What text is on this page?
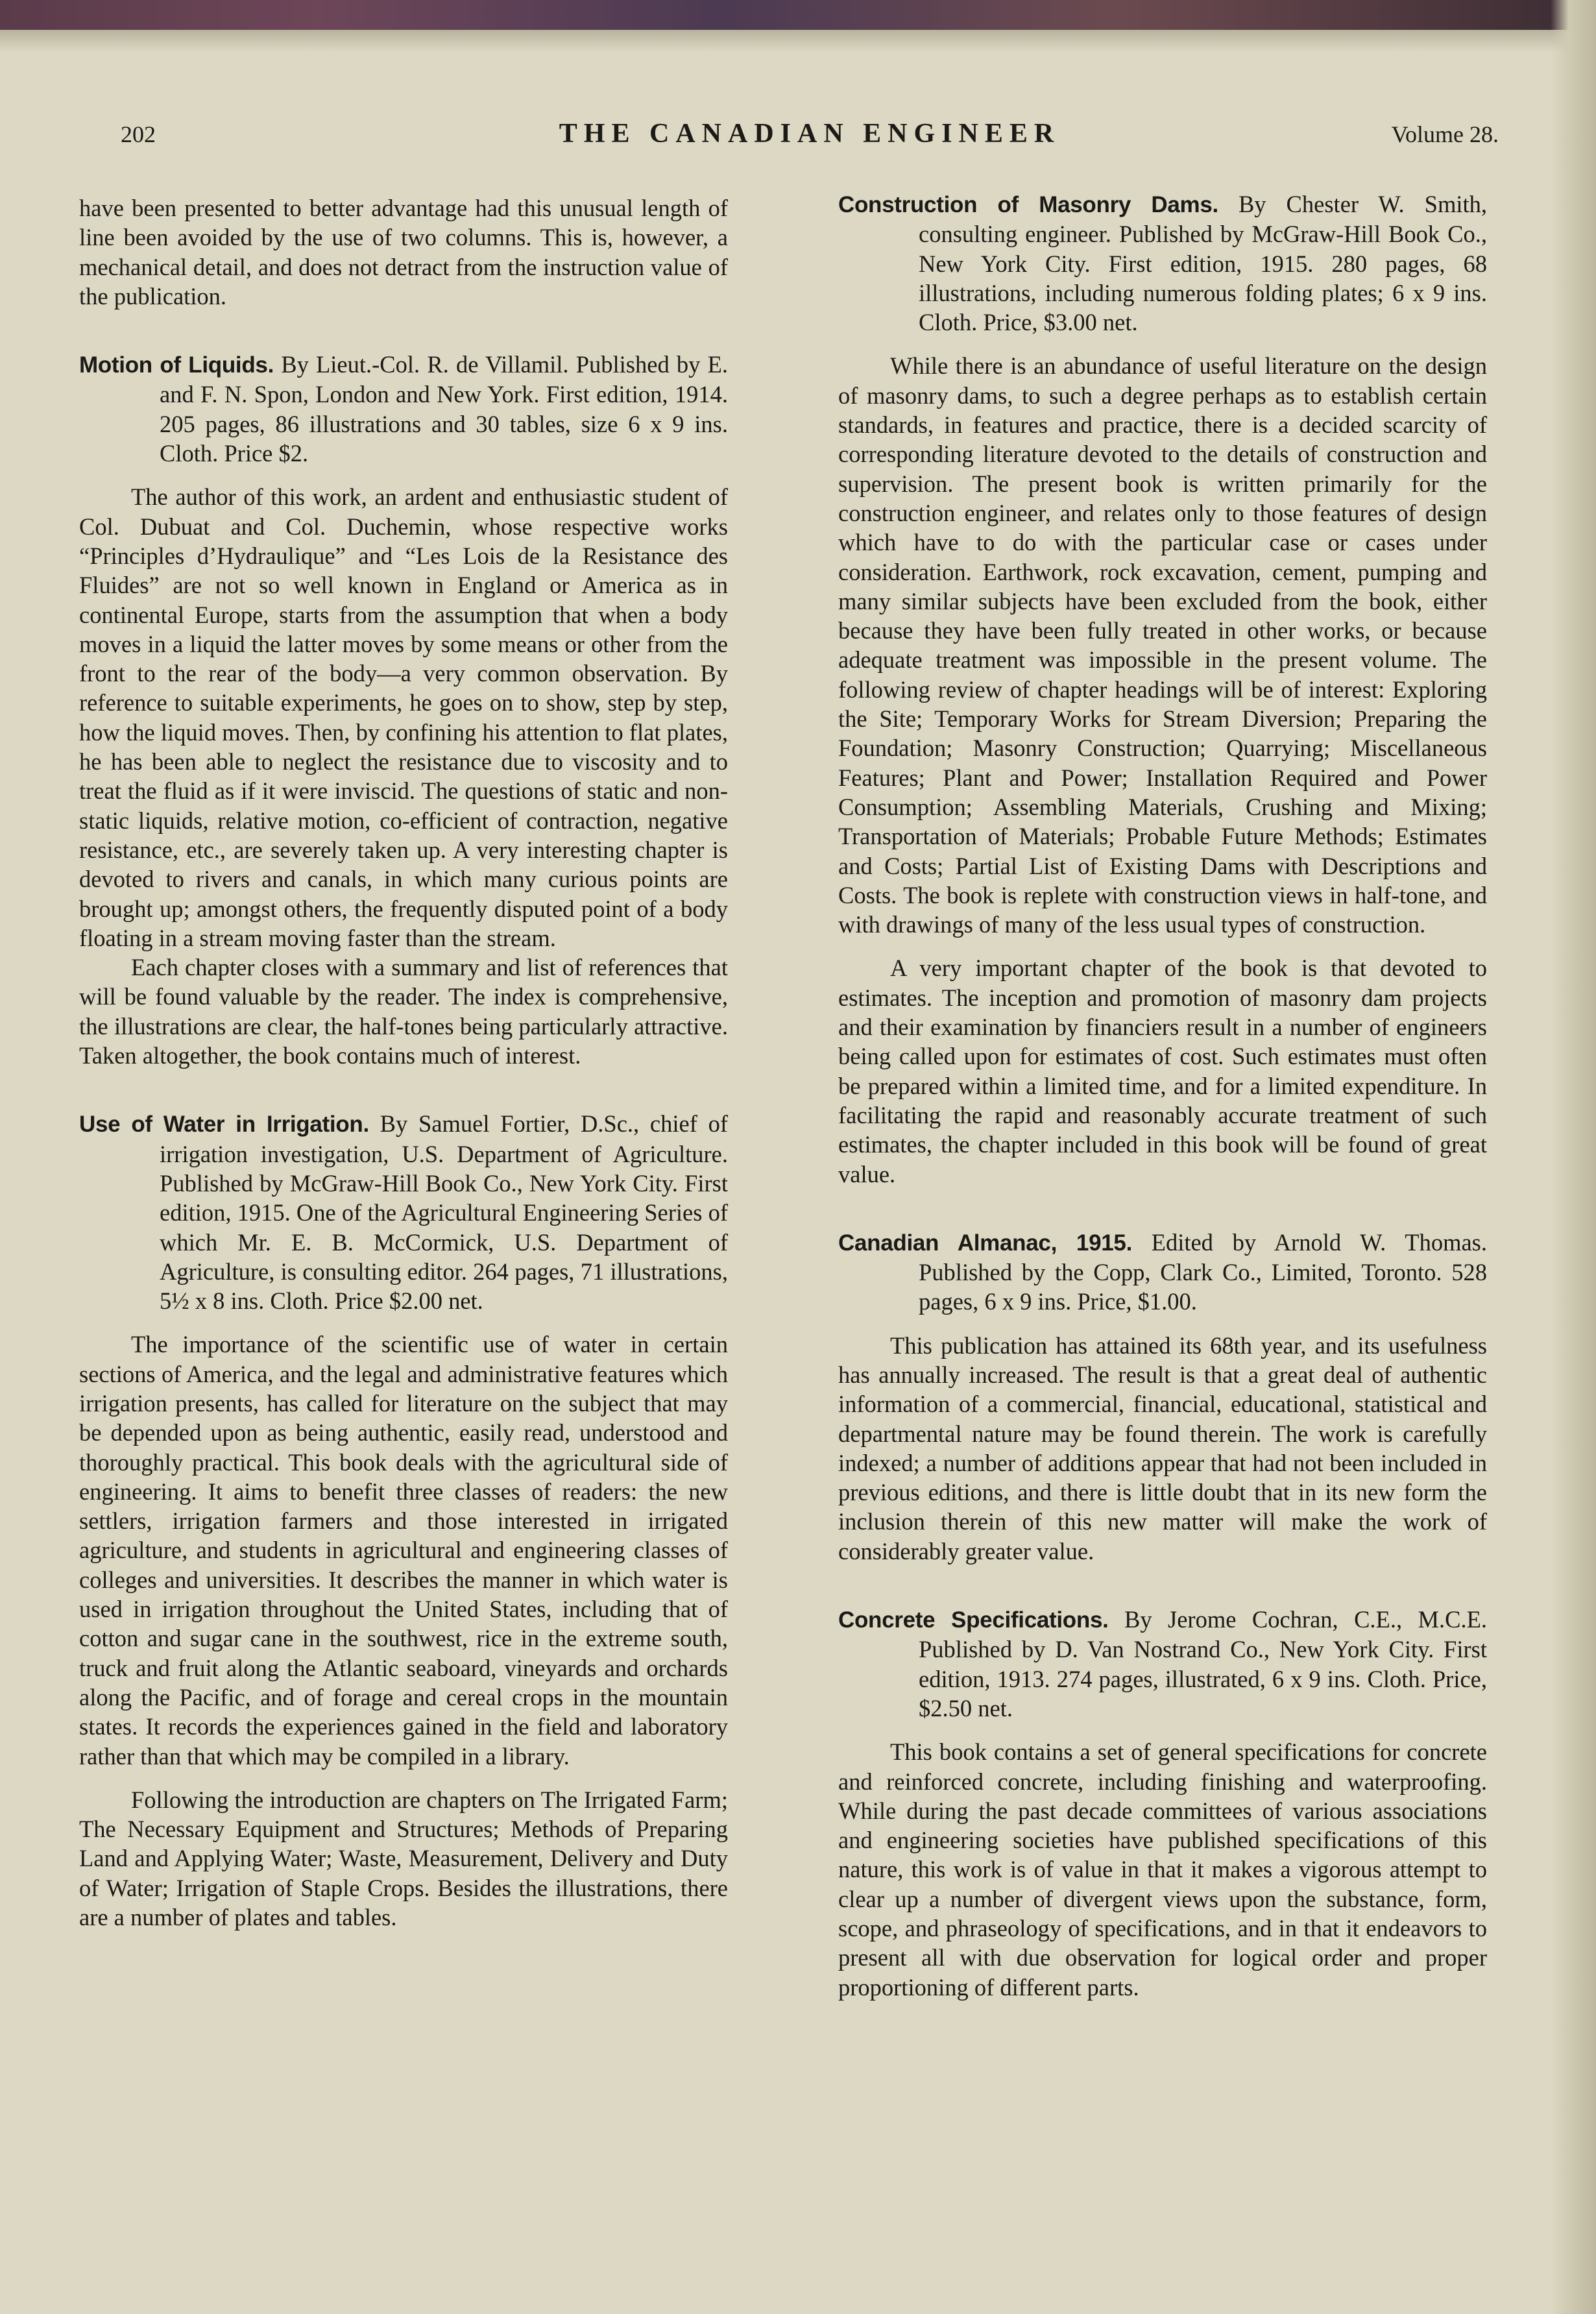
202	THE CANADIAN ENGINEER	Volume 28.

have been presented to better advantage had this unusual length of line been avoided by the use of two columns. This is, however, a mechanical detail, and does not detract from the instruction value of the publication.

Motion of Liquids. By Lieut.-Col. R. de Villamil. Published by E. and F. N. Spon, London and New York. First edition, 1914. 205 pages, 86 illustrations and 30 tables, size 6 x 9 ins. Cloth. Price $2.

The author of this work, an ardent and enthusiastic student of Col. Dubuat and Col. Duchemin, whose respective works “Principles d’Hydraulique” and “Les Lois de la Resistance des Fluides” are not so well known in England or America as in continental Europe, starts from the assumption that when a body moves in a liquid the latter moves by some means or other from the front to the rear of the body—a very common observation. By reference to suitable experiments, he goes on to show, step by step, how the liquid moves. Then, by confining his attention to flat plates, he has been able to neglect the resistance due to viscosity and to treat the fluid as if it were inviscid. The questions of static and non-static liquids, relative motion, co-efficient of contraction, negative resistance, etc., are severely taken up. A very interesting chapter is devoted to rivers and canals, in which many curious points are brought up; amongst others, the frequently disputed point of a body floating in a stream moving faster than the stream.

Each chapter closes with a summary and list of references that will be found valuable by the reader. The index is comprehensive, the illustrations are clear, the half-tones being particularly attractive. Taken altogether, the book contains much of interest.

Use of Water in Irrigation. By Samuel Fortier, D.Sc., chief of irrigation investigation, U.S. Department of Agriculture. Published by McGraw-Hill Book Co., New York City. First edition, 1915. One of the Agricultural Engineering Series of which Mr. E. B. McCormick, U.S. Department of Agriculture, is consulting editor. 264 pages, 71 illustrations, 5½ x 8 ins. Cloth. Price $2.00 net.

The importance of the scientific use of water in certain sections of America, and the legal and administrative features which irrigation presents, has called for literature on the subject that may be depended upon as being authentic, easily read, understood and thoroughly practical. This book deals with the agricultural side of engineering. It aims to benefit three classes of readers: the new settlers, irrigation farmers and those interested in irrigated agriculture, and students in agricultural and engineering classes of colleges and universities. It describes the manner in which water is used in irrigation throughout the United States, including that of cotton and sugar cane in the southwest, rice in the extreme south, truck and fruit along the Atlantic seaboard, vineyards and orchards along the Pacific, and of forage and cereal crops in the mountain states. It records the experiences gained in the field and laboratory rather than that which may be compiled in a library.

Following the introduction are chapters on The Irrigated Farm; The Necessary Equipment and Structures; Methods of Preparing Land and Applying Water; Waste, Measurement, Delivery and Duty of Water; Irrigation of Staple Crops. Besides the illustrations, there are a number of plates and tables.

Construction of Masonry Dams. By Chester W. Smith, consulting engineer. Published by McGraw-Hill Book Co., New York City. First edition, 1915. 280 pages, 68 illustrations, including numerous folding plates; 6 x 9 ins. Cloth. Price, $3.00 net.

While there is an abundance of useful literature on the design of masonry dams, to such a degree perhaps as to establish certain standards, in features and practice, there is a decided scarcity of corresponding literature devoted to the details of construction and supervision. The present book is written primarily for the construction engineer, and relates only to those features of design which have to do with the particular case or cases under consideration. Earthwork, rock excavation, cement, pumping and many similar subjects have been excluded from the book, either because they have been fully treated in other works, or because adequate treatment was impossible in the present volume. The following review of chapter headings will be of interest: Exploring the Site; Temporary Works for Stream Diversion; Preparing the Foundation; Masonry Construction; Quarrying; Miscellaneous Features; Plant and Power; Installation Required and Power Consumption; Assembling Materials, Crushing and Mixing; Transportation of Materials; Probable Future Methods; Estimates and Costs; Partial List of Existing Dams with Descriptions and Costs. The book is replete with construction views in half-tone, and with drawings of many of the less usual types of construction.

A very important chapter of the book is that devoted to estimates. The inception and promotion of masonry dam projects and their examination by financiers result in a number of engineers being called upon for estimates of cost. Such estimates must often be prepared within a limited time, and for a limited expenditure. In facilitating the rapid and reasonably accurate treatment of such estimates, the chapter included in this book will be found of great value.

Canadian Almanac, 1915. Edited by Arnold W. Thomas. Published by the Copp, Clark Co., Limited, Toronto. 528 pages, 6 x 9 ins. Price, $1.00.

This publication has attained its 68th year, and its usefulness has annually increased. The result is that a great deal of authentic information of a commercial, financial, educational, statistical and departmental nature may be found therein. The work is carefully indexed; a number of additions appear that had not been included in previous editions, and there is little doubt that in its new form the inclusion therein of this new matter will make the work of considerably greater value.

Concrete Specifications. By Jerome Cochran, C.E., M.C.E. Published by D. Van Nostrand Co., New York City. First edition, 1913. 274 pages, illustrated, 6 x 9 ins. Cloth. Price, $2.50 net.

This book contains a set of general specifications for concrete and reinforced concrete, including finishing and waterproofing. While during the past decade committees of various associations and engineering societies have published specifications of this nature, this work is of value in that it makes a vigorous attempt to clear up a number of divergent views upon the substance, form, scope, and phraseology of specifications, and in that it endeavors to present all with due observation for logical order and proper proportioning of different parts.
